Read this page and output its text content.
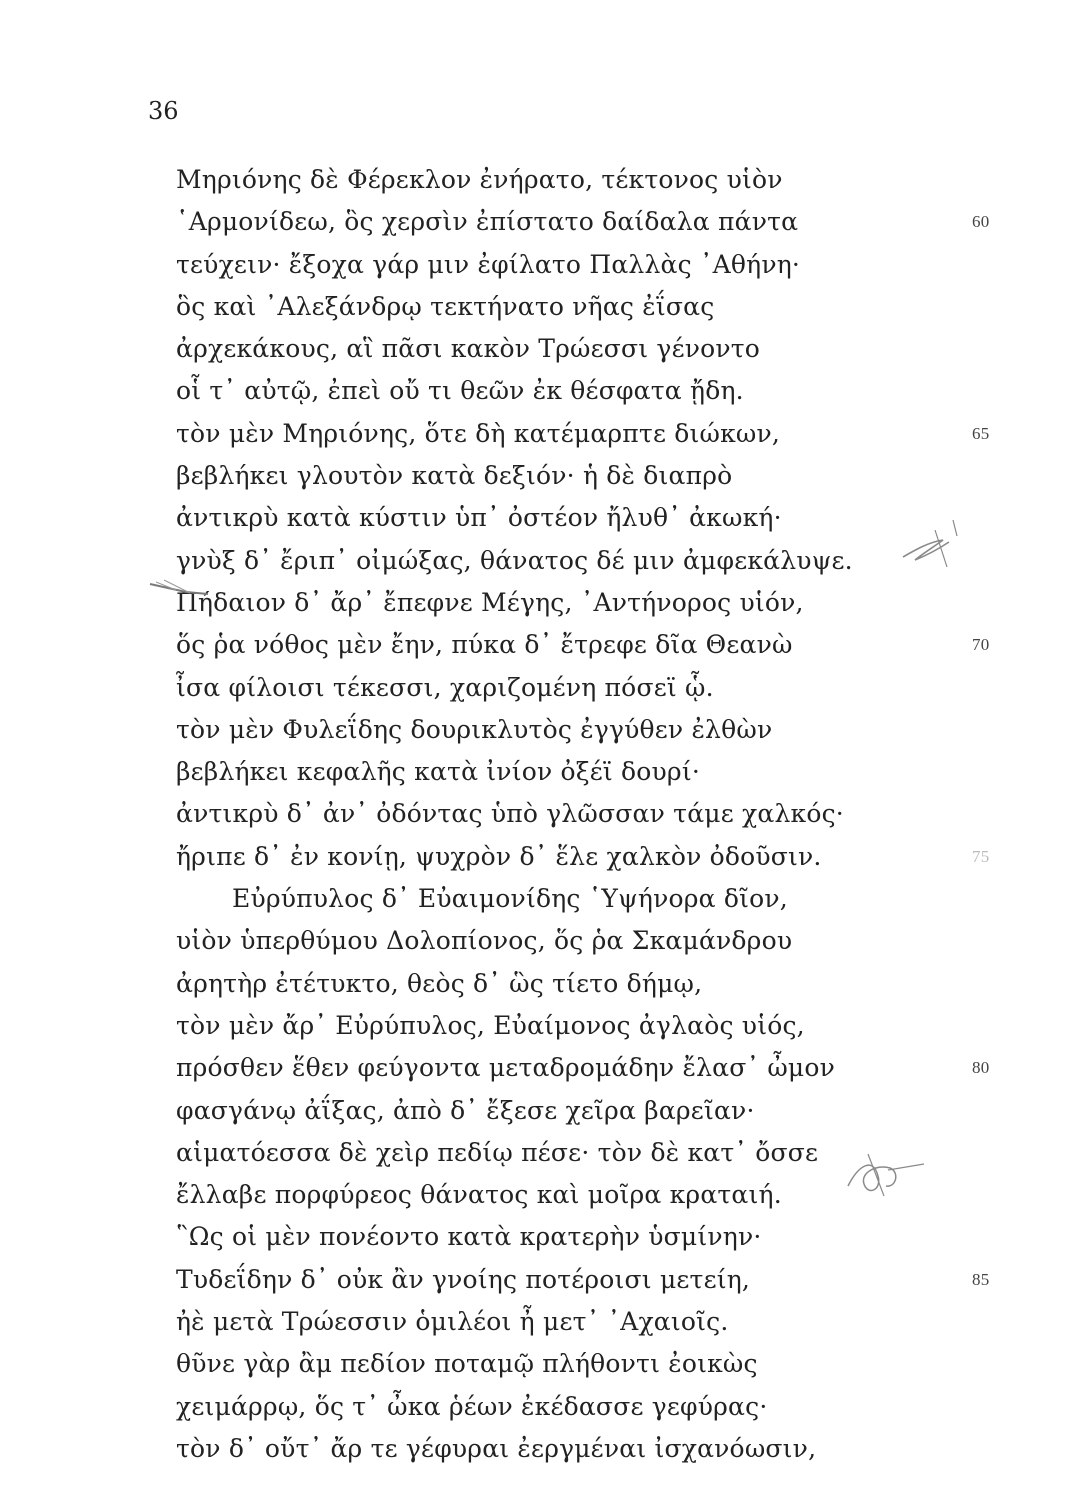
36
Μηριόνης δὲ Φέρεκλον ἐνήρατο, τέκτονος υἱὸν
῾Αρμονίδεω, ὃς χερσὶν ἐπίστατο δαίδαλα πάντα	60
τεύχειν· ἔξοχα γάρ μιν ἐφίλατο Παλλὰς ᾿Αθήνη·
ὃς καὶ ᾿Αλεξάνδρῳ τεκτήνατο νῆας ἐΐσας
ἀρχεκάκους, αἳ πᾶσι κακὸν Τρώεσσι γένοντο
οἷ τ᾿ αὐτῷ, ἐπεὶ οὔ τι θεῶν ἐκ θέσφατα ᾔδη.
τὸν μὲν Μηριόνης, ὅτε δὴ κατέμαρπτε διώκων,	65
βεβλήκει γλουτὸν κατὰ δεξιόν· ἡ δὲ διαπρὸ
ἀντικρὺ κατὰ κύστιν ὑπ᾿ ὀστέον ἤλυθ᾿ ἀκωκή·
γνὺξ δ᾿ ἔριπ᾿ οἰμώξας, θάνατος δέ μιν ἀμφεκάλυψε.
Πήδαιον δ᾿ ἄρ᾿ ἔπεφνε Μέγης, ᾿Αντήνορος υἱόν,
ὅς ῥα νόθος μὲν ἔην, πύκα δ᾿ ἔτρεφε δῖα Θεανὼ	70
ἶσα φίλοισι τέκεσσι, χαριζομένη πόσεϊ ᾧ.
τὸν μὲν Φυλεΐδης δουρικλυτὸς ἐγγύθεν ἐλθὼν
βεβλήκει κεφαλῆς κατὰ ἰνίον ὀξέϊ δουρί·
ἀντικρὺ δ᾿ ἀν᾿ ὀδόντας ὑπὸ γλῶσσαν τάμε χαλκός·
ἤριπε δ᾿ ἐν κονίῃ, ψυχρὸν δ᾿ ἕλε χαλκὸν ὀδοῦσιν.	75
Εὐρύπυλος δ᾿ Εὐαιμονίδης ῾Υψήνορα δῖον,
υἱὸν ὑπερθύμου Δολοπίονος, ὅς ῥα Σκαμάνδρου
ἀρητὴρ ἐτέτυκτο, θεὸς δ᾿ ὣς τίετο δήμῳ,
τὸν μὲν ἄρ᾿ Εὐρύπυλος, Εὐαίμονος ἀγλαὸς υἱός,
πρόσθεν ἕθεν φεύγοντα μεταδρομάδην ἔλασ᾿ ὦμον	80
φασγάνῳ ἀΐξας, ἀπὸ δ᾿ ἔξεσε χεῖρα βαρεῖαν·
αἱματόεσσα δὲ χεὶρ πεδίῳ πέσε· τὸν δὲ κατ᾿ ὄσσε
ἔλλαβε πορφύρεος θάνατος καὶ μοῖρα κραταιή.
῝Ως οἱ μὲν πονέοντο κατὰ κρατερὴν ὑσμίνην·
Τυδεΐδην δ᾿ οὐκ ἂν γνοίης ποτέροισι μετείη,	85
ἠὲ μετὰ Τρώεσσιν ὁμιλέοι ἦ μετ᾿ ᾿Αχαιοῖς.
θῦνε γὰρ ἂμ πεδίον ποταμῷ πλήθοντι ἐοικὼς
χειμάρρῳ, ὅς τ᾿ ὦκα ῥέων ἐκέδασσε γεφύρας·
τὸν δ᾿ οὔτ᾿ ἄρ τε γέφυραι ἐεργμέναι ἰσχανόωσιν,
